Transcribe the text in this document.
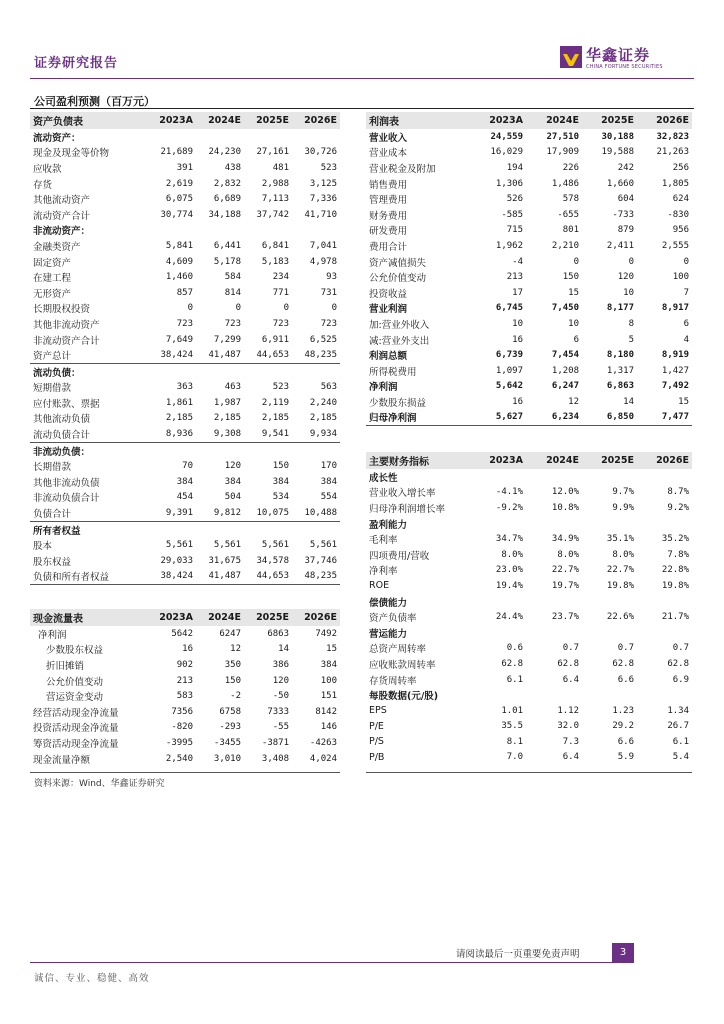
证券研究报告	华鑫证券
CHINA FORTUNE SECURITIES
公司盈利预测（百万元）
资产负债表	2023A	2024E	2025E	2026E
流动资产：				
现金及现金等价物	21,689	24,230	27,161	30,726
应收款	391	438	481	523
存货	2,619	2,832	2,988	3,125
其他流动资产	6,075	6,689	7,113	7,336
流动资产合计	30,774	34,188	37,742	41,710
非流动资产：				
金融类资产	5,841	6,441	6,841	7,041
固定资产	4,609	5,178	5,183	4,978
在建工程	1,460	584	234	93
无形资产	857	814	771	731
长期股权投资	0	0	0	0
其他非流动资产	723	723	723	723
非流动资产合计	7,649	7,299	6,911	6,525
资产总计	38,424	41,487	44,653	48,235
流动负债：				
短期借款	363	463	523	563
应付账款、票据	1,861	1,987	2,119	2,240
其他流动负债	2,185	2,185	2,185	2,185
流动负债合计	8,936	9,308	9,541	9,934
非流动负债：				
长期借款	70	120	150	170
其他非流动负债	384	384	384	384
非流动负债合计	454	504	534	554
负债合计	9,391	9,812	10,075	10,488
所有者权益				
股本	5,561	5,561	5,561	5,561
股东权益	29,033	31,675	34,578	37,746
负债和所有者权益	38,424	41,487	44,653	48,235
利润表	2023A	2024E	2025E	2026E
营业收入	24,559	27,510	30,188	32,823
营业成本	16,029	17,909	19,588	21,263
营业税金及附加	194	226	242	256
销售费用	1,306	1,486	1,660	1,805
管理费用	526	578	604	624
财务费用	-585	-655	-733	-830
研发费用	715	801	879	956
费用合计	1,962	2,210	2,411	2,555
资产减值损失	-4	0	0	0
公允价值变动	213	150	120	100
投资收益	17	15	10	7
营业利润	6,745	7,450	8,177	8,917
加:营业外收入	10	10	8	6
减:营业外支出	16	6	5	4
利润总额	6,739	7,454	8,180	8,919
所得税费用	1,097	1,208	1,317	1,427
净利润	5,642	6,247	6,863	7,492
少数股东损益	16	12	14	15
归母净利润	5,627	6,234	6,850	7,477
主要财务指标	2023A	2024E	2025E	2026E
成长性				
营业收入增长率	-4.1%	12.0%	9.7%	8.7%
归母净利润增长率	-9.2%	10.8%	9.9%	9.2%
盈利能力				
毛利率	34.7%	34.9%	35.1%	35.2%
四项费用/营收	8.0%	8.0%	8.0%	7.8%
净利率	23.0%	22.7%	22.7%	22.8%
ROE	19.4%	19.7%	19.8%	19.8%
偿债能力				
资产负债率	24.4%	23.7%	22.6%	21.7%
营运能力				
总资产周转率	0.6	0.7	0.7	0.7
应收账款周转率	62.8	62.8	62.8	62.8
存货周转率	6.1	6.4	6.6	6.9
每股数据(元/股)				
EPS	1.01	1.12	1.23	1.34
P/E	35.5	32.0	29.2	26.7
P/S	8.1	7.3	6.6	6.1
P/B	7.0	6.4	5.9	5.4
现金流量表	2023A	2024E	2025E	2026E
净利润	5642	6247	6863	7492
少数股东权益	16	12	14	15
折旧摊销	902	350	386	384
公允价值变动	213	150	120	100
营运资金变动	583	-2	-50	151
经营活动现金净流量	7356	6758	7333	8142
投资活动现金净流量	-820	-293	-55	146
筹资活动现金净流量	-3995	-3455	-3871	-4263
现金流量净额	2,540	3,010	3,408	4,024
资料来源：Wind、华鑫证券研究
请阅读最后一页重要免责声明	3
诚信、专业、稳健、高效
